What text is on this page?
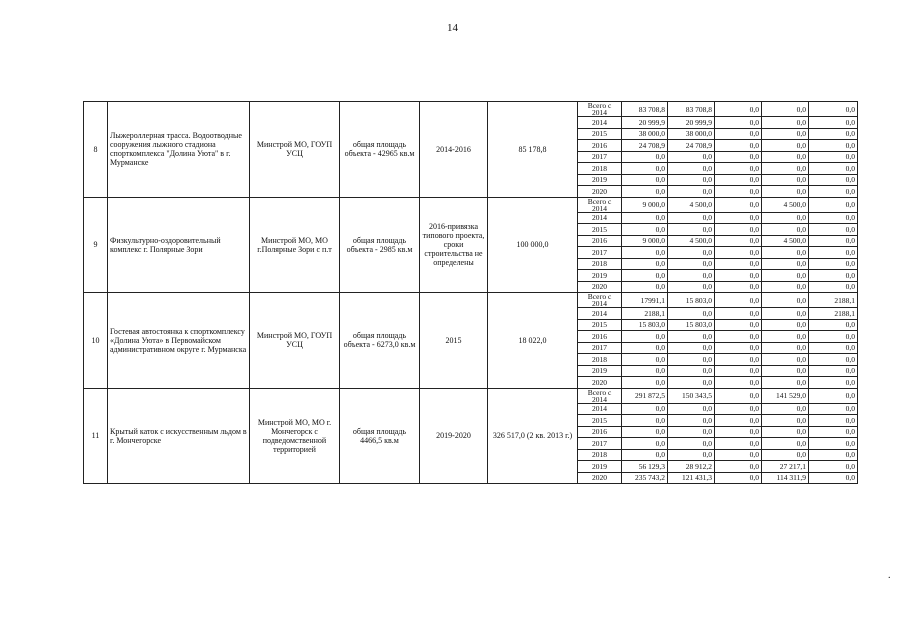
14
8	Лыжероллерная трасса. Водоотводные сооружения лыжного стадиона спорткомплекса "Долина Уюта" в г. Мурманске	Минстрой МО, ГОУП УСЦ	общая площадь объекта - 42965 кв.м	2014-2016	85 178,8	Всего с 2014	83 708,8	83 708,8	0,0	0,0	0,0
						2014	20 999,9	20 999,9	0,0	0,0	0,0
						2015	38 000,0	38 000,0	0,0	0,0	0,0
						2016	24 708,9	24 708,9	0,0	0,0	0,0
						2017	0,0	0,0	0,0	0,0	0,0
						2018	0,0	0,0	0,0	0,0	0,0
						2019	0,0	0,0	0,0	0,0	0,0
						2020	0,0	0,0	0,0	0,0	0,0
9	Физкультурно-оздоровительный комплекс г. Полярные Зори	Минстрой МО, МО г.Полярные Зори с п.т	общая площадь объекта - 2985 кв.м	2016-привязка типового проекта, сроки строительства не определены	100 000,0	Всего с 2014	9 000,0	4 500,0	0,0	4 500,0	0,0
						2014	0,0	0,0	0,0	0,0	0,0
						2015	0,0	0,0	0,0	0,0	0,0
						2016	9 000,0	4 500,0	0,0	4 500,0	0,0
						2017	0,0	0,0	0,0	0,0	0,0
						2018	0,0	0,0	0,0	0,0	0,0
						2019	0,0	0,0	0,0	0,0	0,0
						2020	0,0	0,0	0,0	0,0	0,0
10	Гостевая автостоянка к спорткомплексу «Долина Уюта» в Первомайском административном округе г. Мурманска	Минстрой МО, ГОУП УСЦ	общая площадь объекта - 6273,0 кв.м	2015	18 022,0	Всего с 2014	17991,1	15 803,0	0,0	0,0	2188,1
						2014	2188,1	0,0	0,0	0,0	2188,1
						2015	15 803,0	15 803,0	0,0	0,0	0,0
						2016	0,0	0,0	0,0	0,0	0,0
						2017	0,0	0,0	0,0	0,0	0,0
						2018	0,0	0,0	0,0	0,0	0,0
						2019	0,0	0,0	0,0	0,0	0,0
						2020	0,0	0,0	0,0	0,0	0,0
11	Крытый каток с искусственным льдом в г. Мончегорске	Минстрой МО, МО г. Мончегорск с подведомственной территорией	общая площадь 4466,5 кв.м	2019-2020	326 517,0 (2 кв. 2013 г.)	Всего с 2014	291 872,5	150 343,5	0,0	141 529,0	0,0
						2014	0,0	0,0	0,0	0,0	0,0
						2015	0,0	0,0	0,0	0,0	0,0
						2016	0,0	0,0	0,0	0,0	0,0
						2017	0,0	0,0	0,0	0,0	0,0
						2018	0,0	0,0	0,0	0,0	0,0
						2019	56 129,3	28 912,2	0,0	27 217,1	0,0
						2020	235 743,2	121 431,3	0,0	114 311,9	0,0
.
